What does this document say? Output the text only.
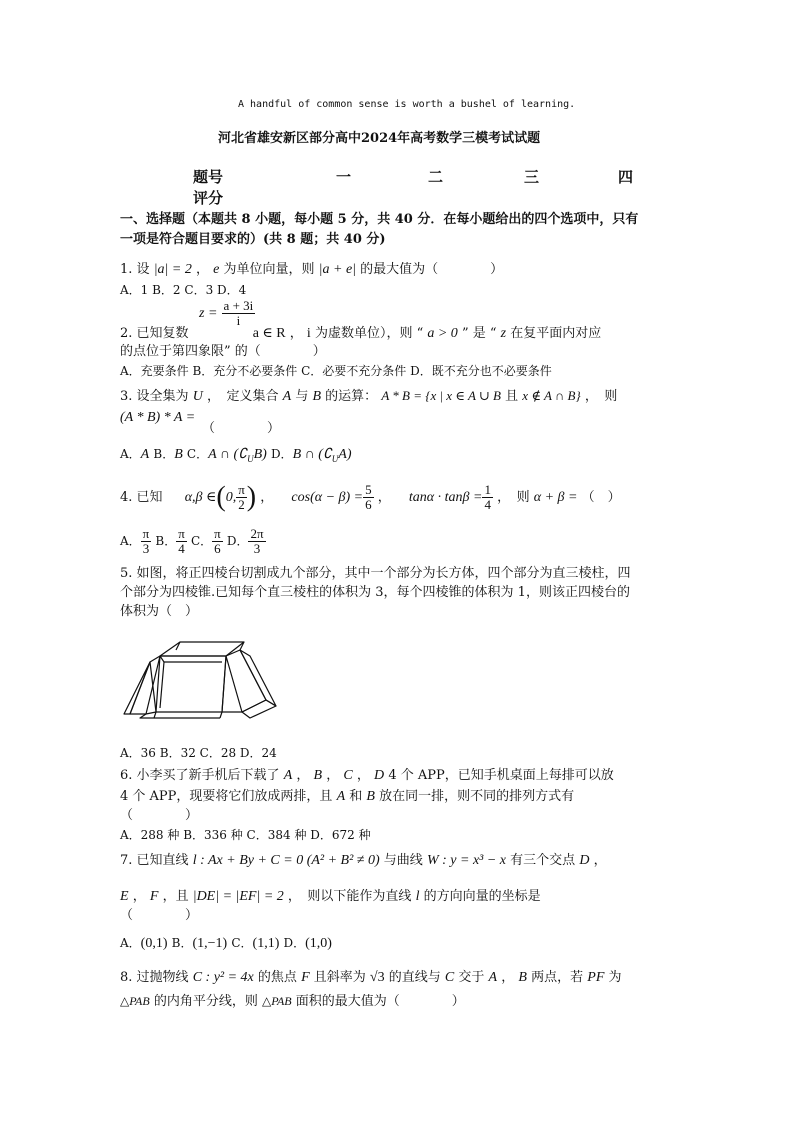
A handful of common sense is worth a bushel of learning.
河北省雄安新区部分高中2024年高考数学三模考试试题
题号	一	二	三	四
评分
一、选择题（本题共 8 小题，每小题 5 分，共 40 分．在每小题给出的四个选项中，只有
一项是符合题目要求的）(共 8 题；共 40 分)
1. 设 |a| = 2 ， e 为单位向量，则 |a + e| 的最大值为（　　　　）
A．1 B．2 C．3 D．4
$z = \frac{a + 3i}{i}$
2. 已知复数	a ∈ R ， i 为虚数单位），则 “ a > 0 ” 是 “ z 在复平面内对应
的点位于第四象限” 的（　　　　）
A．充要条件 B．充分不必要条件 C．必要不充分条件 D．既不充分也不必要条件
3. 设全集为 U ，　定义集合 A 与 B 的运算： A * B = {x | x ∈ A ∪ B 且 x ∉ A ∩ B} ，　则
(A * B) * A =
（　　　　）
A．A B．B C．A ∩ $(∁_UB)$ D．B ∩ $(∁_UA)$
4. 已知 α,β ∈(0, $\frac{\pi}{2}$ ) ， $\cos(\alpha - \beta) = \frac{5}{6}$ ， $\tan\alpha \cdot \tan\beta = \frac{1}{4}$ ，　则 α + β = （　）
A． $\frac{\pi}{3}$ B． $\frac{\pi}{4}$ C． $\frac{\pi}{6}$ D． $\frac{2\pi}{3}$
5. 如图，将正四棱台切割成九个部分，其中一个部分为长方体，四个部分为直三棱柱，四
个部分为四棱锥.已知每个直三棱柱的体积为 3，每个四棱锥的体积为 1，则该正四棱台的
体积为（　）
A．36 B．32 C．28 D．24
6. 小李买了新手机后下载了 A ， B ， C ， D 4 个 APP，已知手机桌面上每排可以放
4 个 APP，现要将它们放成两排，且 A 和 B 放在同一排，则不同的排列方式有
（　　　　）
A．288 种 B．336 种 C．384 种 D．672 种
7. 已知直线 l : Ax + By + C = 0 (A² + B² ≠ 0) 与曲线 W : y = x³ − x 有三个交点 D ，
E ， F ，且 |DE| = |EF| = 2 ，　则以下能作为直线 l 的方向向量的坐标是
（　　　　）
A．(0,1) B．(1,−1) C．(1,1) D．(1,0)
8. 过抛物线 C : y² = 4x 的焦点 F 且斜率为 √3 的直线与 C 交于 A ， B 两点，若 PF 为
△PAB 的内角平分线，则 △PAB 面积的最大值为（　　　　）
